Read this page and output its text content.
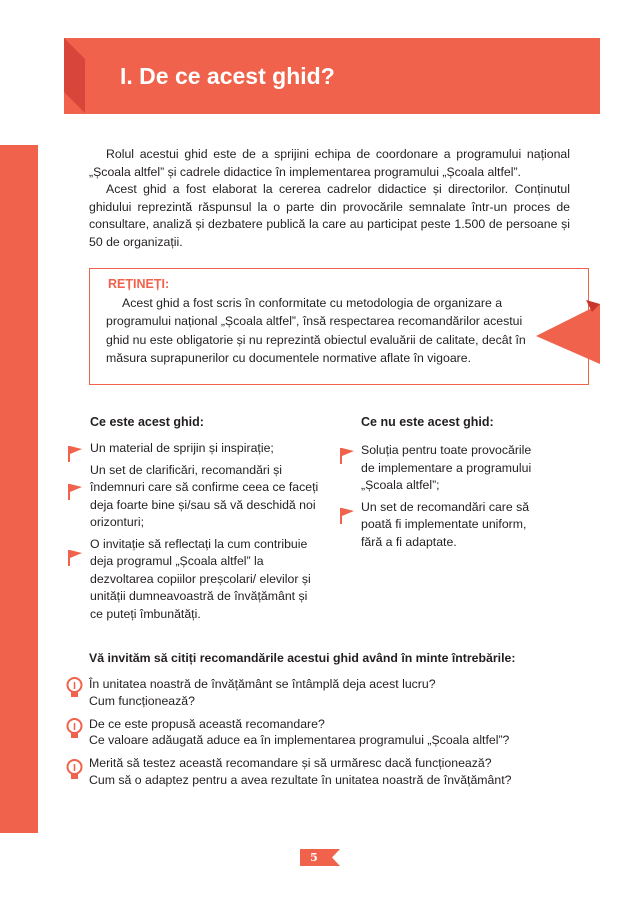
I. De ce acest ghid?

Rolul acestui ghid este de a sprijini echipa de coordonare a programului național „Școala altfel” și cadrele didactice în implementarea programului „Școala altfel”.

Acest ghid a fost elaborat la cererea cadrelor didactice și directorilor. Conținutul ghidului reprezintă răspunsul la o parte din provocările semnalate într-un proces de consultare, analiză și dezbatere publică la care au participat peste 1.500 de persoane și 50 de organizații.

REȚINEȚI:

Acest ghid a fost scris în conformitate cu metodologia de organizare a programului național „Școala altfel”, însă respectarea recomandărilor acestui ghid nu este obligatorie și nu reprezintă obiectul evaluării de calitate, decât în măsura suprapunerilor cu documentele normative aflate în vigoare.

Ce este acest ghid:

Un material de sprijin și inspirație;

Un set de clarificări, recomandări și îndemnuri care să confirme ceea ce faceți deja foarte bine și/sau să vă deschidă noi orizonturi;

O invitație să reflectați la cum contribuie deja programul „Școala altfel” la dezvoltarea copiilor preșcolari/ elevilor și unității dumneavoastră de învățământ și ce puteți îmbunătăți.

Ce nu este acest ghid:

Soluția pentru toate provocările de implementare a programului „Școala altfel”;

Un set de recomandări care să poată fi implementate uniform, fără a fi adaptate.

Vă invităm să citiți recomandările acestui ghid având în minte întrebările:
În unitatea noastră de învățământ se întâmplă deja acest lucru?
Cum funcționează?
De ce este propusă această recomandare?
Ce valoare adăugată aduce ea în implementarea programului „Școala altfel”?
Merită să testez această recomandare și să urmăresc dacă funcționează?
Cum să o adaptez pentru a avea rezultate în unitatea noastră de învățământ?
5
